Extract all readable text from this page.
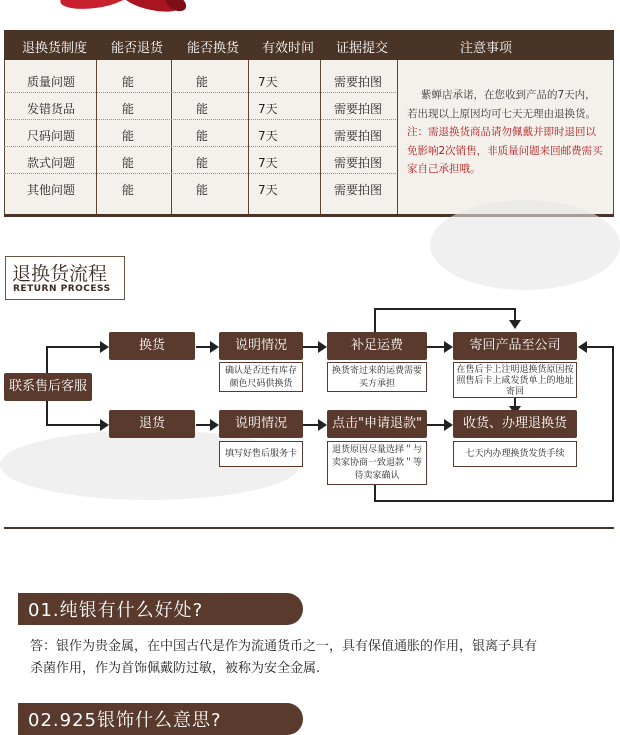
退换货制度 能否退货 能否换货 有效时间 证据提交	注意事项
质量问题	能	能	7天	需要拍图
发错货品	能	能	7天	需要拍图
尺码问题	能	能	7天	需要拍图
款式问题	能	能	7天	需要拍图
其他问题	能	能	7天	需要拍图
紫蝉店承诺，在您收到产品的7天内，
若出现以上原因均可七天无理由退换货。
注：需退换货商品请勿佩戴并即时退回以免影响2次销售，非质量问题来回邮费需买家自己承担哦。
退换货流程
RETURN PROCESS
联系售后客服
换货
退货
说明情况
确认是否还有库存颜色尺码供换货
补足运费
换货寄过来的运费需要买方承担
寄回产品至公司
在售后卡上注明退换货原因按照售后卡上咸发货单上的地址寄回
说明情况
填写好售后服务卡
点击"申请退款"
退货原因尽量选择＂与卖家协商一致退款＂等待卖家确认
收货、办理退换货
七天内办理换货发货手续
01.纯银有什么好处?
答：银作为贵金属，在中国古代是作为流通货币之一，具有保值通胀的作用，银离子具有
杀菌作用，作为首饰佩戴防过敏，被称为安全金属.
02.925银饰什么意思?
